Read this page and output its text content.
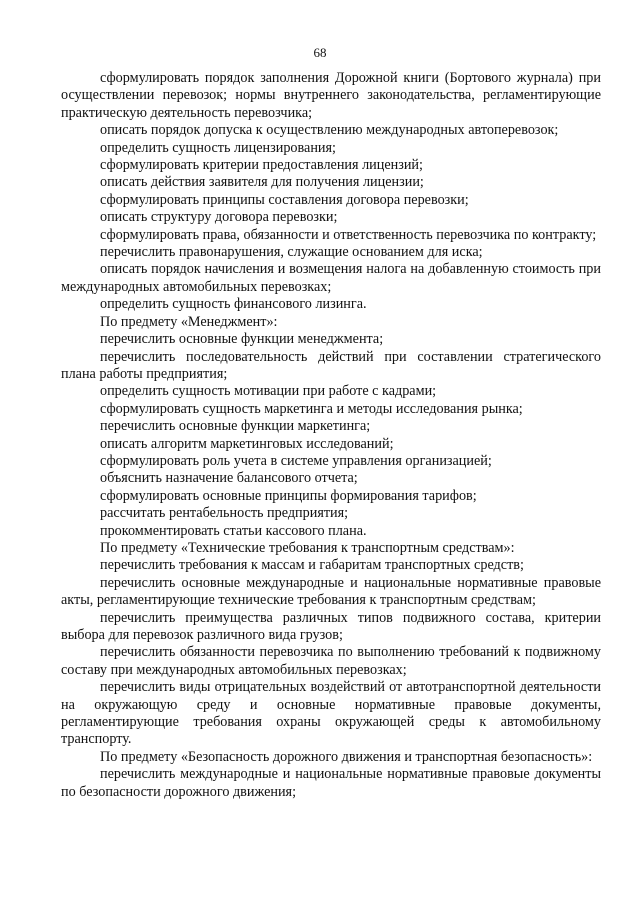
68

сформулировать порядок заполнения Дорожной книги (Бортового журнала) при осуществлении перевозок; нормы внутреннего законодательства, регламентирующие практическую деятельность перевозчика;

описать порядок допуска к осуществлению международных автоперевозок;

определить сущность лицензирования;

сформулировать критерии предоставления лицензий;

описать действия заявителя для получения лицензии;

сформулировать принципы составления договора перевозки;

описать структуру договора перевозки;

сформулировать права, обязанности и ответственность перевозчика по контракту;

перечислить правонарушения, служащие основанием для иска;

описать порядок начисления и возмещения налога на добавленную стоимость при международных автомобильных перевозках;

определить сущность финансового лизинга.

По предмету «Менеджмент»:

перечислить основные функции менеджмента;

перечислить последовательность действий при составлении стратегического плана работы предприятия;

определить сущность мотивации при работе с кадрами;

сформулировать сущность маркетинга и методы исследования рынка;

перечислить основные функции маркетинга;

описать алгоритм маркетинговых исследований;

сформулировать роль учета в системе управления организацией;

объяснить назначение балансового отчета;

сформулировать основные принципы формирования тарифов;

рассчитать рентабельность предприятия;

прокомментировать статьи кассового плана.

По предмету «Технические требования к транспортным средствам»:

перечислить требования к массам и габаритам транспортных средств;

перечислить основные международные и национальные нормативные правовые акты, регламентирующие технические требования к транспортным средствам;

перечислить преимущества различных типов подвижного состава, критерии выбора для перевозок различного вида грузов;

перечислить обязанности перевозчика по выполнению требований к подвижному составу при международных автомобильных перевозках;

перечислить виды отрицательных воздействий от автотранспортной деятельности на окружающую среду и основные нормативные правовые документы, регламентирующие требования охраны окружающей среды к автомобильному транспорту.

По предмету «Безопасность дорожного движения и транспортная безопасность»:

перечислить международные и национальные нормативные правовые документы по безопасности дорожного движения;
